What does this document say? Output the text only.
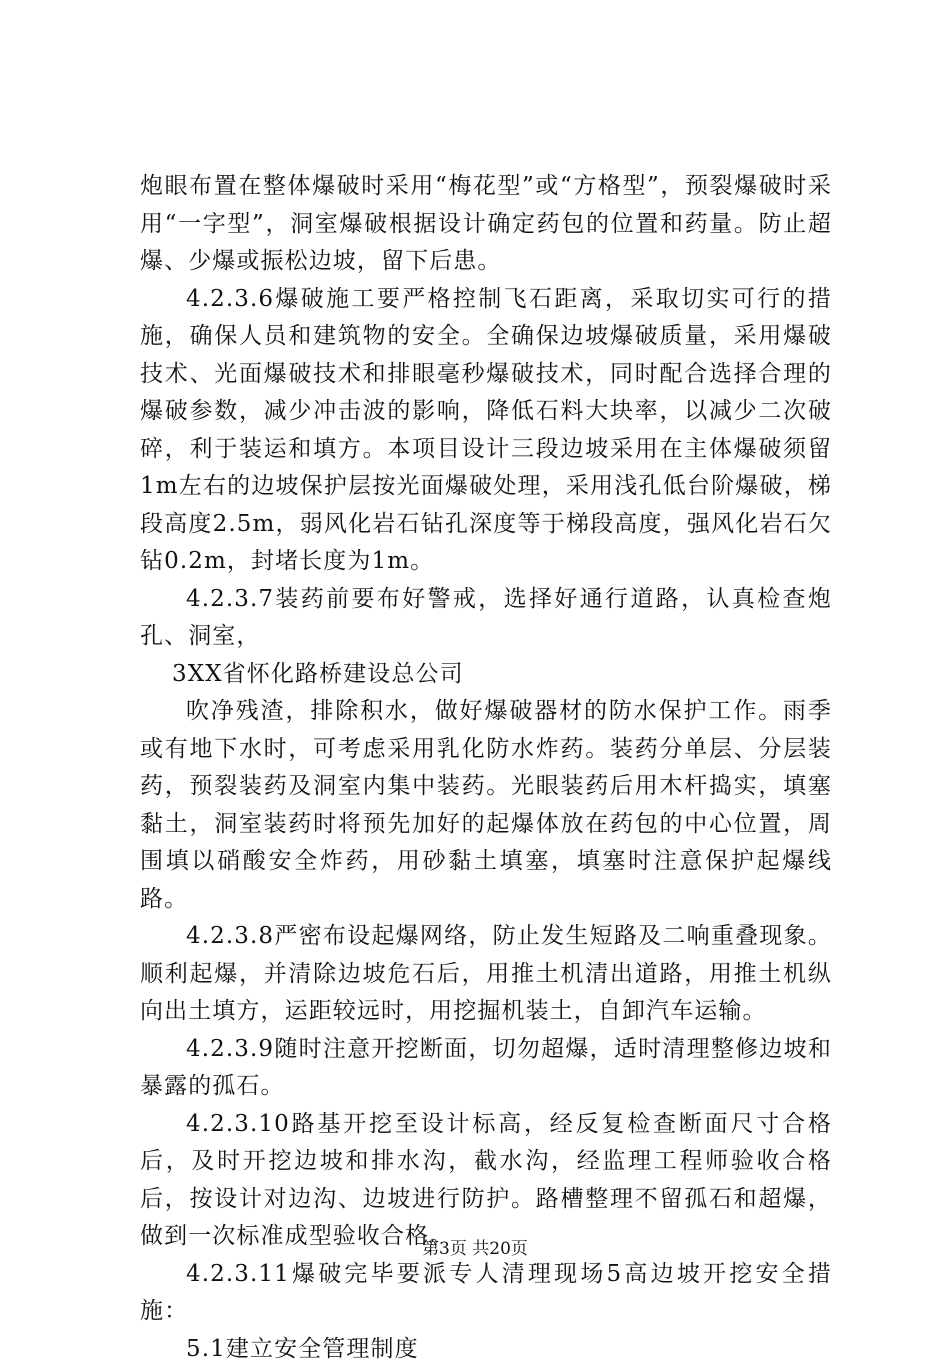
炮眼布置在整体爆破时采用“梅花型”或“方格型”，预裂爆破时采用“一字型”，洞室爆破根据设计确定药包的位置和药量。防止超爆、少爆或振松边坡，留下后患。

4.2.3.6爆破施工要严格控制飞石距离，采取切实可行的措施，确保人员和建筑物的安全。全确保边坡爆破质量，采用爆破技术、光面爆破技术和排眼毫秒爆破技术，同时配合选择合理的爆破参数，减少冲击波的影响，降低石料大块率，以减少二次破碎，利于装运和填方。本项目设计三段边坡采用在主体爆破须留1m左右的边坡保护层按光面爆破处理，采用浅孔低台阶爆破，梯段高度2.5m，弱风化岩石钻孔深度等于梯段高度，强风化岩石欠钻0.2m，封堵长度为1m。

4.2.3.7装药前要布好警戒，选择好通行道路，认真检查炮孔、洞室，

3XX省怀化路桥建设总公司

吹净残渣，排除积水，做好爆破器材的防水保护工作。雨季或有地下水时，可考虑采用乳化防水炸药。装药分单层、分层装药，预裂装药及洞室内集中装药。光眼装药后用木杆捣实，填塞黏土，洞室装药时将预先加好的起爆体放在药包的中心位置，周围填以硝酸安全炸药，用砂黏土填塞，填塞时注意保护起爆线路。

4.2.3.8严密布设起爆网络，防止发生短路及二响重叠现象。顺利起爆，并清除边坡危石后，用推土机清出道路，用推土机纵向出土填方，运距较远时，用挖掘机装土，自卸汽车运输。

4.2.3.9随时注意开挖断面，切勿超爆，适时清理整修边坡和暴露的孤石。

4.2.3.10路基开挖至设计标高，经反复检查断面尺寸合格后，及时开挖边坡和排水沟，截水沟，经监理工程师验收合格后，按设计对边沟、边坡进行防护。路槽整理不留孤石和超爆，做到一次标准成型验收合格。

4.2.3.11爆破完毕要派专人清理现场5高边坡开挖安全措施：

5.1建立安全管理制度

第3页 共20页
